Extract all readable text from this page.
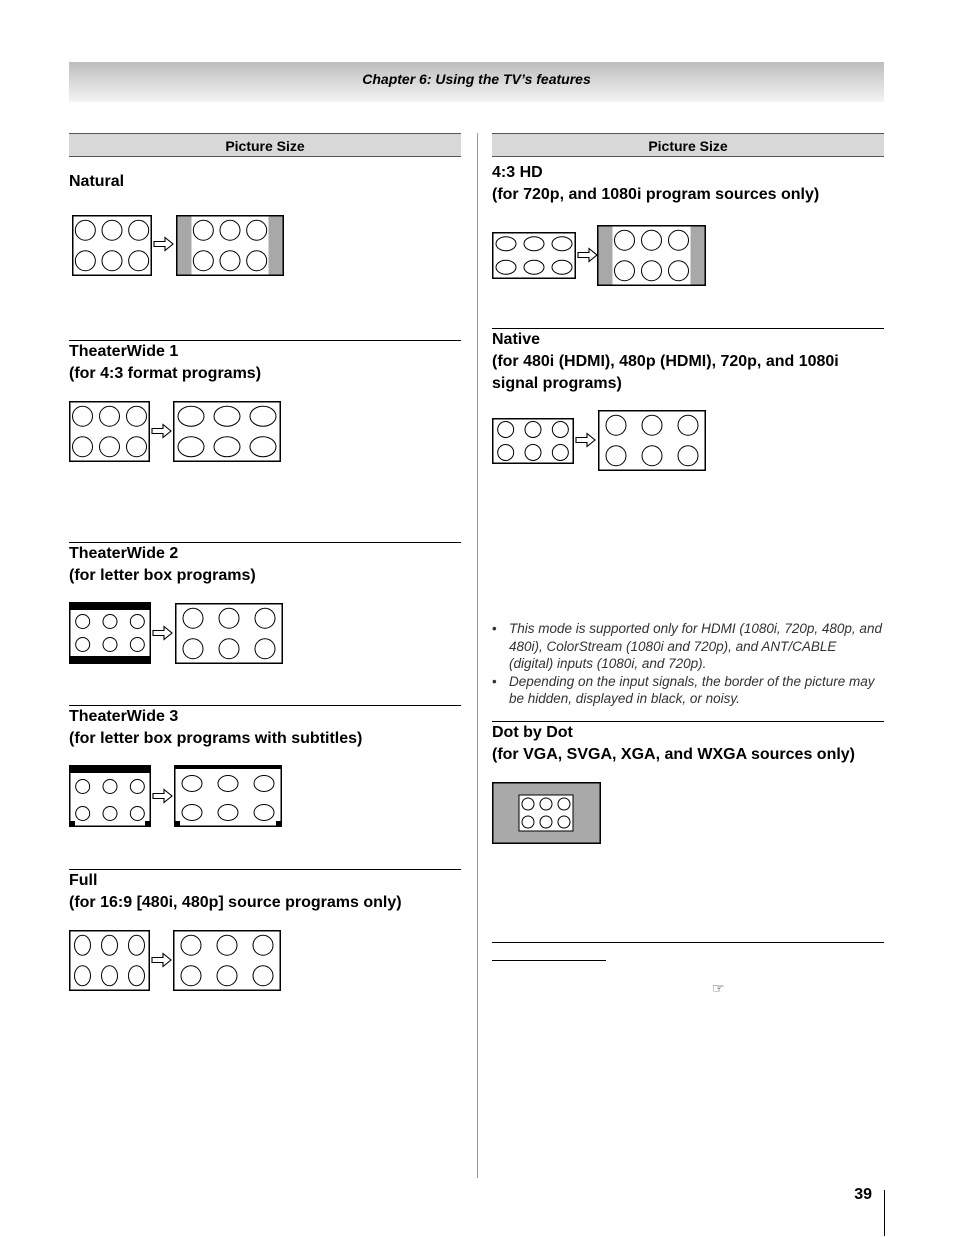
Chapter 6: Using the TV’s features
Picture Size
Natural
TheaterWide 1
(for 4:3 format programs)
TheaterWide 2
(for letter box programs)
TheaterWide 3
(for letter box programs with subtitles)
Full
(for 16:9 [480i, 480p] source programs only)
Picture Size
4:3 HD
(for 720p, and 1080i program sources only)
Native
(for 480i (HDMI), 480p (HDMI), 720p, and 1080i
signal programs)
• This mode is supported only for HDMI (1080i, 720p, 480p, and 480i), ColorStream (1080i and 720p), and ANT/CABLE (digital) inputs (1080i, and 720p).
• Depending on the input signals, the border of the picture may be hidden, displayed in black, or noisy.
Dot by Dot
(for VGA, SVGA, XGA, and WXGA sources only)
☞
39
